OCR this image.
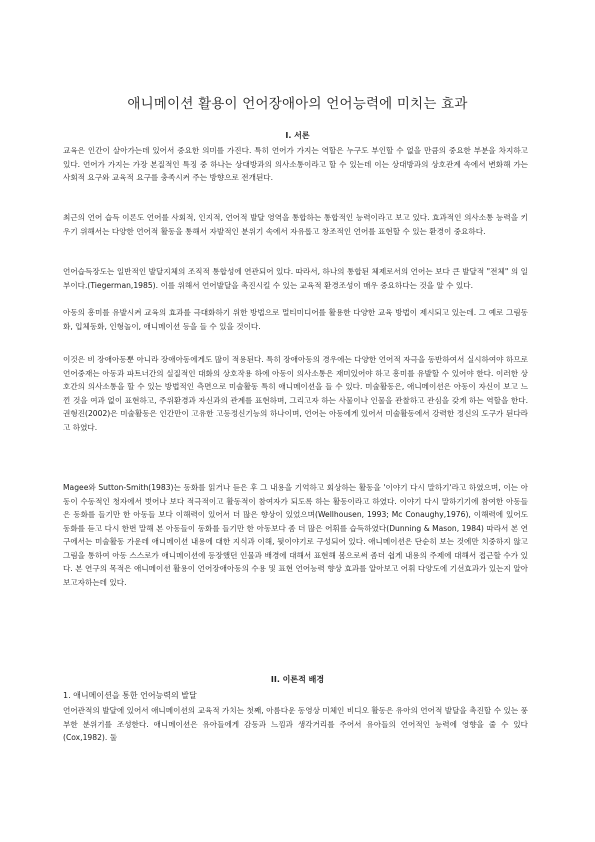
애니메이션 활용이 언어장애아의 언어능력에 미치는 효과
I. 서론

교육은 인간이 살아가는데 있어서 중요한 의미를 가진다. 특히 언어가 가지는 역할은 누구도 부인할 수 없을 만큼의 중요한 부분을 차지하고 있다. 언어가 가지는 가장 본질적인 특징 중 하나는 상대방과의 의사소통이라고 할 수 있는데 이는 상대방과의 상호관계 속에서 변화해 가는 사회적 요구와 교육적 요구를 충족시켜 주는 방향으로 전개된다.

최근의 언어 습득 이론도 언어를 사회적, 인지적, 언어적 발달 영역을 통합하는 통합적인 능력이라고 보고 있다. 효과적인 의사소통 능력을 키우기 위해서는 다양한 언어적 활동을 통해서 자발적인 분위기 속에서 자유롭고 창조적인 언어를 표현할 수 있는 환경이 중요하다.

언어습득장도는 일반적인 발달지체의 조직적 통합성에 연관되어 있다. 따라서, 하나의 통합된 체제로서의 언어는 보다 큰 발달적 "전체" 의 일부이다.(Tiegerman,1985). 이를 위해서 언어발달을 촉진시킬 수 있는 교육적 환경조성이 매우 중요하다는 것을 알 수 있다.

아동의 흥미를 유발시켜 교육의 효과를 극대화하기 위한 방법으로 멀티미디어를 활용한 다양한 교육 방법이 제시되고 있는데. 그 예로 그림동화, 입체동화, 인형놀이, 애니메이션 등을 들 수 있을 것이다.

이것은 비 장애아동뿐 아니라 장애아동에게도 많이 적용된다. 특히 장애아동의 경우에는 다양한 언어적 자극을 동반하여서 실시하여야 하므로 언어중재는 아동과 파트너간의 실질적인 대화의 상호작용 하에 아동이 의사소통은 재미있어야 하고 흥미를 유발할 수 있어야 한다. 이러한 상호간의 의사소통을 할 수 있는 방법적인 측면으로 미술활동 특히 애니메이션을 들 수 있다. 미술활동은, 애니메이션은 아동이 자신이 보고 느낀 것을 여과 없이 표현하고, 주위환경과 자신과의 관계를 표현하며, 그리고자 하는 사물이나 인물을 관찰하고 관심을 갖게 하는 역할을 한다. 권형진(2002)은 미술활동은 인간만이 고유한 고등정신기능의 하나이며, 언어는 아동에게 있어서 미술활동에서 강력한 정신의 도구가 된다라고 하였다.

Magee와 Sutton-Smith(1983)는 동화를 읽거나 듣은 후 그 내용을 기억하고 회상하는 활동을 '이야기 다시 말하기'라고 하였으며, 이는 아동이 수동적인 청자에서 벗어나 보다 적극적이고 활동적이 참여자가 되도록 하는 활동이라고 하였다. 이야기 다시 말하기기에 참여한 아동들은 동화를 들기만 한 아동들 보다 이해력이 있어서 더 많은 향상이 있었으며(Wellhousen, 1993; Mc Conaughy,1976), 이해력에 있어도 동화를 듣고 다시 한번 말해 본 아동들이 동화를 들기만 한 아동보다 좀 더 많은 어휘를 습득하였다(Dunning & Mason, 1984) 따라서 본 연구에서는 미술활동 가운데 애니메이션 내용에 대한 지식과 이해, 뒷이야기로 구성되어 있다. 애니메이션은 단순히 보는 것에만 치중하지 않고 그림을 통하여 아동 스스로가 애니메이션에 등장했던 인물과 배경에 대해서 표현해 봄으로써 좀더 쉽게 내용의 주제에 대해서 접근할 수가 있다. 본 연구의 목적은 애니메이션 활용이 언어장애아동의 수용 및 표현 언어능력 향상 효과를 알아보고 어휘 다양도에 기선효과가 있는지 알아보고자하는데 있다.

II. 이론적 배경
1. 애니메이션을 통한 언어능력의 발달

언어관적의 발달에 있어서 애니메이션의 교육적 가치는 첫째, 아름다운 동영상 미체인 비디오 활동은 유아의 언어적 발달을 촉진할 수 있는 풍부한 분위기를 조성한다. 애니메이션은 유아들에게 감동과 느낌과 생각거리를 주어서 유아들의 언어적인 능력에 영향을 줄 수 있다(Cox,1982). 둘
